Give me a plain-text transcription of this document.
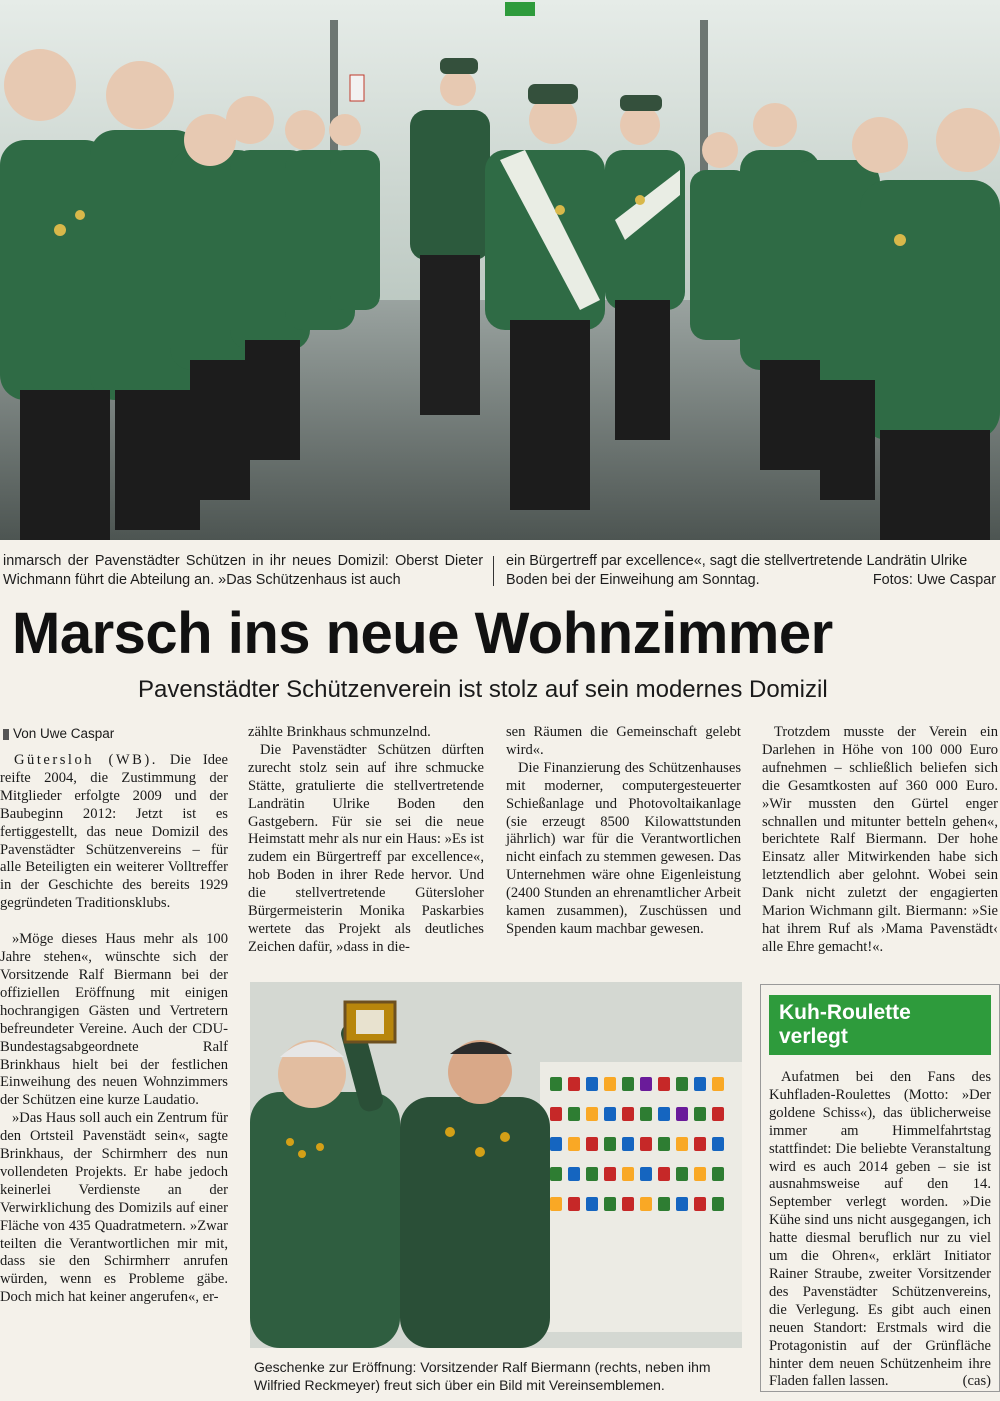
inmarsch der Pavenstädter Schützen in ihr neues Domizil: Oberst Dieter Wichmann führt die Abteilung an. »Das Schützenhaus ist auch
ein Bürgertreff par excellence«, sagt die stellvertretende Landrätin Ulrike Boden bei der Einweihung am Sonntag.	Fotos: Uwe Caspar
Marsch ins neue Wohnzimmer
Pavenstädter Schützenverein ist stolz auf sein modernes Domizil
Von Uwe Caspar

Gütersloh (WB). Die Idee reifte 2004, die Zustimmung der Mitglieder erfolgte 2009 und der Baubeginn 2012: Jetzt ist es fertiggestellt, das neue Domizil des Pavenstädter Schützenvereins – für alle Beteiligten ein weiterer Volltreffer in der Geschichte des bereits 1929 gegründeten Traditionsklubs.

»Möge dieses Haus mehr als 100 Jahre stehen«, wünschte sich der Vorsitzende Ralf Biermann bei der offiziellen Eröffnung mit einigen hochrangigen Gästen und Vertretern befreundeter Vereine. Auch der CDU-Bundestagsabgeordnete Ralf Brinkhaus hielt bei der festlichen Einweihung des neuen Wohnzimmers der Schützen eine kurze Laudatio.

»Das Haus soll auch ein Zentrum für den Ortsteil Pavenstädt sein«, sagte Brinkhaus, der Schirmherr des nun vollendeten Projekts. Er habe jedoch keinerlei Verdienste an der Verwirklichung des Domizils auf einer Fläche von 435 Quadratmetern. »Zwar teilten die Verantwortlichen mir mit, dass sie den Schirmherr anrufen würden, wenn es Probleme gäbe. Doch mich hat keiner angerufen«, er-

zählte Brinkhaus schmunzelnd.

Die Pavenstädter Schützen dürften zurecht stolz sein auf ihre schmucke Stätte, gratulierte die stellvertretende Landrätin Ulrike Boden den Gastgebern. Für sie sei die neue Heimstatt mehr als nur ein Haus: »Es ist zudem ein Bürgertreff par excellence«, hob Boden in ihrer Rede hervor. Und die stellvertretende Gütersloher Bürgermeisterin Monika Paskarbies wertete das Projekt als deutliches Zeichen dafür, »dass in die-

sen Räumen die Gemeinschaft gelebt wird«.

Die Finanzierung des Schützenhauses mit moderner, computergesteuerter Schießanlage und Photovoltaikanlage (sie erzeugt 8500 Kilowattstunden jährlich) war für die Verantwortlichen nicht einfach zu stemmen gewesen. Das Unternehmen wäre ohne Eigenleistung (2400 Stunden an ehrenamtlicher Arbeit kamen zusammen), Zuschüssen und Spenden kaum machbar gewesen.

Trotzdem musste der Verein ein Darlehen in Höhe von 100 000 Euro aufnehmen – schließlich beliefen sich die Gesamtkosten auf 360 000 Euro. »Wir mussten den Gürtel enger schnallen und mitunter betteln gehen«, berichtete Ralf Biermann. Der hohe Einsatz aller Mitwirkenden habe sich letztendlich aber gelohnt. Wobei sein Dank nicht zuletzt der engagierten Marion Wichmann gilt. Biermann: »Sie hat ihrem Ruf als ›Mama Pavenstädt‹ alle Ehre gemacht!«.

Geschenke zur Eröffnung: Vorsitzender Ralf Biermann (rechts, neben ihm Wilfried Reckmeyer) freut sich über ein Bild mit Vereinsemblemen.
Kuh-Roulette verlegt

Aufatmen bei den Fans des Kuhfladen-Roulettes (Motto: »Der goldene Schiss«), das üblicherweise immer am Himmelfahrtstag stattfindet: Die beliebte Veranstaltung wird es auch 2014 geben – sie ist ausnahmsweise auf den 14. September verlegt worden. »Die Kühe sind uns nicht ausgegangen, ich hatte diesmal beruflich nur zu viel um die Ohren«, erklärt Initiator Rainer Straube, zweiter Vorsitzender des Pavenstädter Schützenvereins, die Verlegung. Es gibt auch einen neuen Standort: Erstmals wird die Protagonistin auf der Grünfläche hinter dem neuen Schützenheim ihre Fladen fallen lassen.	(cas)
